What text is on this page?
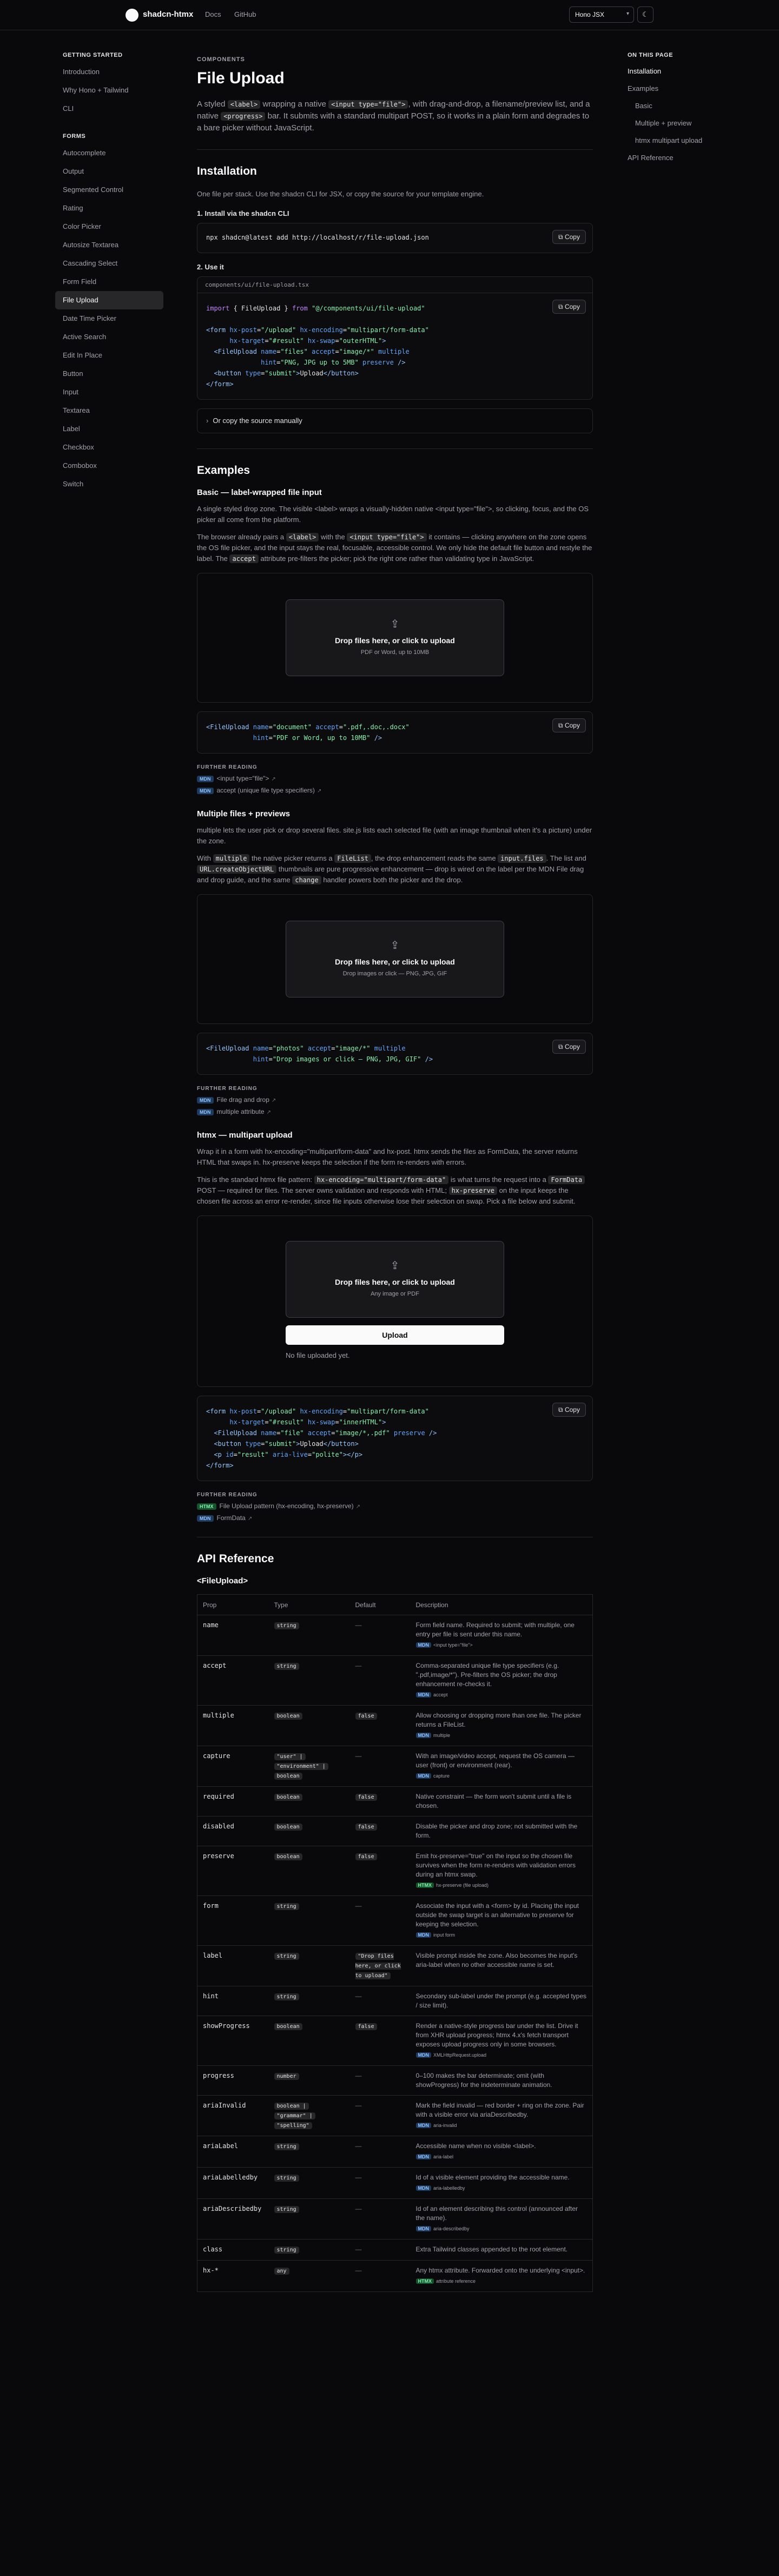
shadcn-htmx Docs GitHub	Hono JSX	▾	☾
GETTING STARTED
Introduction
Why Hono + Tailwind
CLI
FORMS
Autocomplete
Output
Segmented Control
Rating
Color Picker
Autosize Textarea
Cascading Select
Form Field
File Upload
Date Time Picker
Active Search
Edit In Place
Button
Input
Textarea
Label
Checkbox
Combobox
Switch
ON THIS PAGE
Installation
Examples
Basic
Multiple + preview
htmx multipart upload
API Reference
COMPONENTS
File Upload

A styled <label> wrapping a native <input type="file"> , with drag-and-drop, a filename/preview list, and a native <progress> bar. It submits with a standard multipart POST, so it works in a plain form and degrades to a bare picker without JavaScript.

Installation

One file per stack. Use the shadcn CLI for JSX, or copy the source for your template engine.

1. Install via the shadcn CLI
npx shadcn@latest add http://localhost/r/file-upload.json	⧉ Copy
2. Use it
components/ui/file-upload.tsx
import { FileUpload } from "@/components/ui/file-upload"

<form hx-post="/upload" hx-encoding="multipart/form-data"
hx-target="#result" hx-swap="outerHTML">
<FileUpload name="files" accept="image/*" multiple
hint="PNG, JPG up to 5MB" preserve />
<button type="submit">Upload</button>
</form>
⧉ Copy
› Or copy the source manually
Examples
Basic — label-wrapped file input

A single styled drop zone. The visible <label> wraps a visually-hidden native <input type="file">, so clicking, focus, and the OS picker all come from the platform.

The browser already pairs a <label> with the <input type="file"> it contains — clicking anywhere on the zone opens the OS file picker, and the input stays the real, focusable, accessible control. We only hide the default file button and restyle the label. The accept attribute pre-filters the picker; pick the right one rather than validating type in JavaScript.

⇪
Drop files here, or click to upload
PDF or Word, up to 10MB
<FileUpload name="document" accept=".pdf,.doc,.docx"
hint="PDF or Word, up to 10MB" />
⧉ Copy
FURTHER READING
MDN <input type="file"> ↗
MDN accept (unique file type specifiers) ↗
Multiple files + previews

multiple lets the user pick or drop several files. site.js lists each selected file (with an image thumbnail when it's a picture) under the zone.

With multiple the native picker returns a FileList , the drop enhancement reads the same input.files . The list and URL.createObjectURL thumbnails are pure progressive enhancement — drop is wired on the label per the MDN File drag and drop guide, and the same change handler powers both the picker and the drop.

⇪
Drop files here, or click to upload
Drop images or click — PNG, JPG, GIF
<FileUpload name="photos" accept="image/*" multiple
hint="Drop images or click — PNG, JPG, GIF" />
⧉ Copy
FURTHER READING
MDN File drag and drop ↗
MDN multiple attribute ↗
htmx — multipart upload

Wrap it in a form with hx-encoding="multipart/form-data" and hx-post. htmx sends the files as FormData, the server returns HTML that swaps in. hx-preserve keeps the selection if the form re-renders with errors.

This is the standard htmx file pattern: hx-encoding="multipart/form-data" is what turns the request into a FormData POST — required for files. The server owns validation and responds with HTML; hx-preserve on the input keeps the chosen file across an error re-render, since file inputs otherwise lose their selection on swap. Pick a file below and submit.

⇪
Drop files here, or click to upload
Any image or PDF
Upload
No file uploaded yet.
<form hx-post="/upload" hx-encoding="multipart/form-data"
hx-target="#result" hx-swap="innerHTML">
<FileUpload name="file" accept="image/*,.pdf" preserve />
<button type="submit">Upload</button>
<p id="result" aria-live="polite"></p>
</form>
⧉ Copy
FURTHER READING
HTMX File Upload pattern (hx-encoding, hx-preserve) ↗
MDN FormData ↗
API Reference
<FileUpload>
Prop	Type	Default	Description
name	string	—	Form field name. Required to submit; with multiple, one entry per file is sent under this name.
MDN <input type="file">

accept	string	—	Comma-separated unique file type specifiers (e.g. ".pdf,image/*"). Pre-filters the OS picker; the drop enhancement re-checks it.
MDN accept

multiple	boolean	false	Allow choosing or dropping more than one file. The picker returns a FileList.
MDN multiple

capture	"user" |
"environment" |
boolean	—	With an image/video accept, request the OS camera — user (front) or environment (rear).
MDN capture

required	boolean	false	Native constraint — the form won't submit until a file is chosen.
disabled	boolean	false	Disable the picker and drop zone; not submitted with the form.
preserve	boolean	false	Emit hx-preserve="true" on the input so the chosen file survives when the form re-renders with validation errors during an htmx swap.
HTMX hx-preserve (file upload)

form	string	—	Associate the input with a <form> by id. Placing the input outside the swap target is an alternative to preserve for keeping the selection.
MDN input form

label	string	"Drop files here, or click to upload"	Visible prompt inside the zone. Also becomes the input's aria-label when no other accessible name is set.
hint	string	—	Secondary sub-label under the prompt (e.g. accepted types / size limit).
showProgress	boolean	false	Render a native-style progress bar under the list. Drive it from XHR upload progress; htmx 4.x's fetch transport exposes upload progress only in some browsers.
MDN XMLHttpRequest.upload

progress	number	—	0–100 makes the bar determinate; omit (with showProgress) for the indeterminate animation.
ariaInvalid	boolean |
"grammar" |
"spelling"	—	Mark the field invalid — red border + ring on the zone. Pair with a visible error via ariaDescribedby.
MDN aria-invalid

ariaLabel	string	—	Accessible name when no visible <label>.
MDN aria-label

ariaLabelledby	string	—	Id of a visible element providing the accessible name.
MDN aria-labelledby

ariaDescribedby	string	—	Id of an element describing this control (announced after the name).
MDN aria-describedby

class	string	—	Extra Tailwind classes appended to the root element.
hx-*	any	—	Any htmx attribute. Forwarded onto the underlying <input>.
HTMX attribute reference
